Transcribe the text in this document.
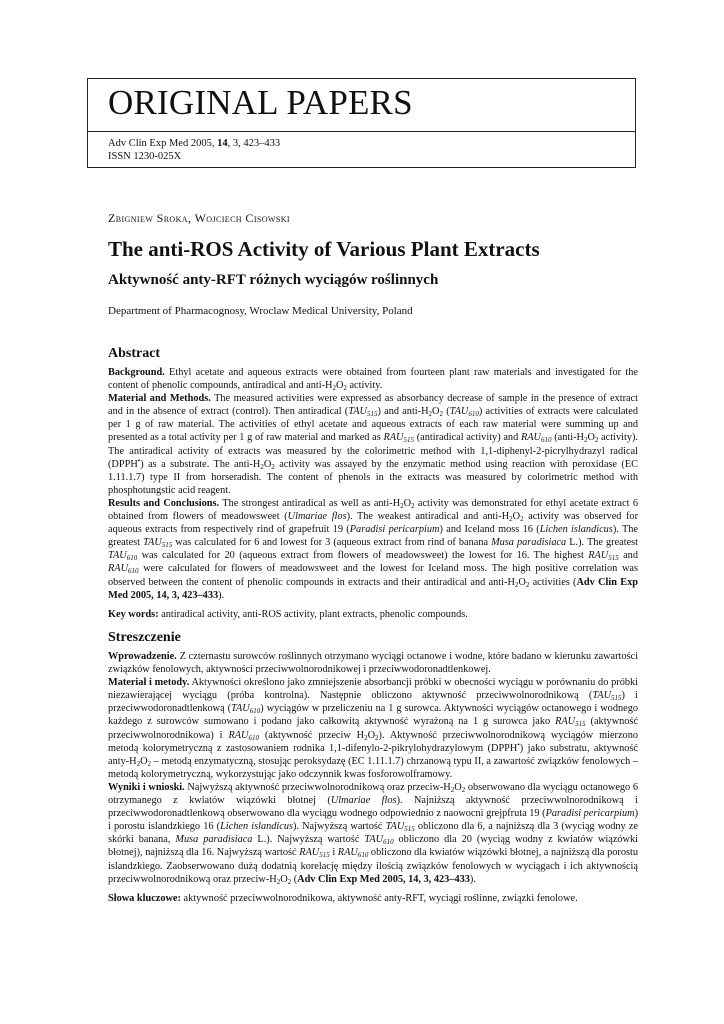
ORIGINAL PAPERS
Adv Clin Exp Med 2005, 14, 3, 423–433
ISSN 1230-025X
Zbigniew Sroka, Wojciech Cisowski
The anti-ROS Activity of Various Plant Extracts
Aktywność anty-RFT różnych wyciągów roślinnych
Department of Pharmacognosy, Wroclaw Medical University, Poland
Abstract

Background. Ethyl acetate and aqueous extracts were obtained from fourteen plant raw materials and investigated for the content of phenolic compounds, antiradical and anti-$H_2O_2$ activity.
Material and Methods. The measured activities were expressed as absorbancy decrease of sample in the presence of extract and in the absence of extract (control). Then antiradical $(TAU_{515})$ and anti-$H_2O_2$ $(TAU_{610})$ activities of extracts were calculated per 1 g of raw material. The activities of ethyl acetate and aqueous extracts of each raw material were summing up and presented as a total activity per 1 g of raw material and marked as $RAU_{515}$ (antiradical activity) and $RAU_{610}$ ($anti-H_2O_2$ activity). The antiradical activity of extracts was measured by the colorimetric method with 1,1-diphenyl-2-picrylhydrazyl radical (DPPH•) as a substrate. The anti-$H_2O_2$ activity was assayed by the enzymatic method using reaction with peroxidase (EC 1.11.1.7) type II from horseradish. The content of phenols in the extracts was measured by colorimetric method with phosphotungstic acid reagent.
Results and Conclusions. The strongest antiradical as well as anti-$H_2O_2$ activity was demonstrated for ethyl acetate extract 6 obtained from flowers of meadowsweet (Ulmariae flos). The weakest antiradical and anti-$H_2O_2$ activity was observed for aqueous extracts from respectively rind of grapefruit 19 (Paradisi pericarpium) and Iceland moss 16 (Lichen islandicus). The greatest $TAU_{515}$ was calculated for 6 and lowest for 3 (aqueous extract from rind of banana Musa paradisiaca L.). The greatest $TAU_{610}$ was calculated for 20 (aqueous extract from flowers of meadowsweet) the lowest for 16. The highest $RAU_{515}$ and $RAU_{610}$ were calculated for flowers of meadowsweet and the lowest for Iceland moss. The high positive correlation was observed between the content of phenolic compounds in extracts and their antiradical and anti-$H_2O_2$ activities (Adv Clin Exp Med 2005, 14, 3, 423–433).

Key words: antiradical activity, anti-ROS activity, plant extracts, phenolic compounds.

Streszczenie

Wprowadzenie. Z czternastu surowców roślinnych otrzymano wyciągi octanowe i wodne, które badano w kierunku zawartości związków fenolowych, aktywności przeciwwolnorodnikowej i przeciwwodoronadtlenkowej.
Materiał i metody. Aktywności określono jako zmniejszenie absorbancji próbki w obecności wyciągu w porównaniu do próbki niezawierającej wyciągu (próba kontrolna). Następnie obliczono aktywność przeciwwolnorodnikową $(TAU_{515})$ i przeciwwodoronadtlenkową $(TAU_{610})$ wyciągów w przeliczeniu na 1 g surowca. Aktywności wyciągów octanowego i wodnego każdego z surowców sumowano i podano jako całkowitą aktywność wyrażoną na 1 g surowca jako $RAU_{515}$ (aktywność przeciwwolnorodnikowa) i $RAU_{610}$ (aktywność przeciw $H_2O_2$). Aktywność przeciwwolnorodnikową wyciągów mierzono metodą kolorymetryczną z zastosowaniem rodnika 1,1-difenylo-2-pikrylohydrazylowym (DPPH•) jako substratu, aktywność anty-$H_2O_2$ – metodą enzymatyczną, stosując peroksydazę (EC 1.11.1.7) chrzanową typu II, a zawartość związków fenolowych – metodą kolorymetryczną, wykorzystując jako odczynnik kwas fosforowolframowy.
Wyniki i wnioski. Najwyższą aktywność przeciwwolnorodnikową oraz przeciw-$H_2O_2$ obserwowano dla wyciągu octanowego 6 otrzymanego z kwiatów wiązówki błotnej (Ulmariae flos). Najniższą aktywność przeciwwolnorodnikową i przeciwwodoronadtlenkową obserwowano dla wyciągu wodnego odpowiednio z naowocni grejpfruta 19 (Paradisi pericarpium) i porostu islandzkiego 16 (Lichen islandicus). Najwyższą wartość $TAU_{515}$ obliczono dla 6, a najniższą dla 3 (wyciąg wodny ze skórki banana, Musa paradisiaca L.). Najwyższą wartość $TAU_{610}$ obliczono dla 20 (wyciąg wodny z kwiatów wiązówki błotnej), najniższą dla 16. Najwyższą wartość $RAU_{515}$ i $RAU_{610}$ obliczono dla kwiatów wiązówki błotnej, a najniższą dla porostu islandzkiego. Zaobserwowano dużą dodatnią korelację między ilością związków fenolowych w wyciągach i ich aktywnością przeciwwolnorodnikową oraz przeciw-$H_2O_2$ (Adv Clin Exp Med 2005, 14, 3, 423–433).

Słowa kluczowe: aktywność przeciwwolnorodnikowa, aktywność anty-RFT, wyciągi roślinne, związki fenolowe.
